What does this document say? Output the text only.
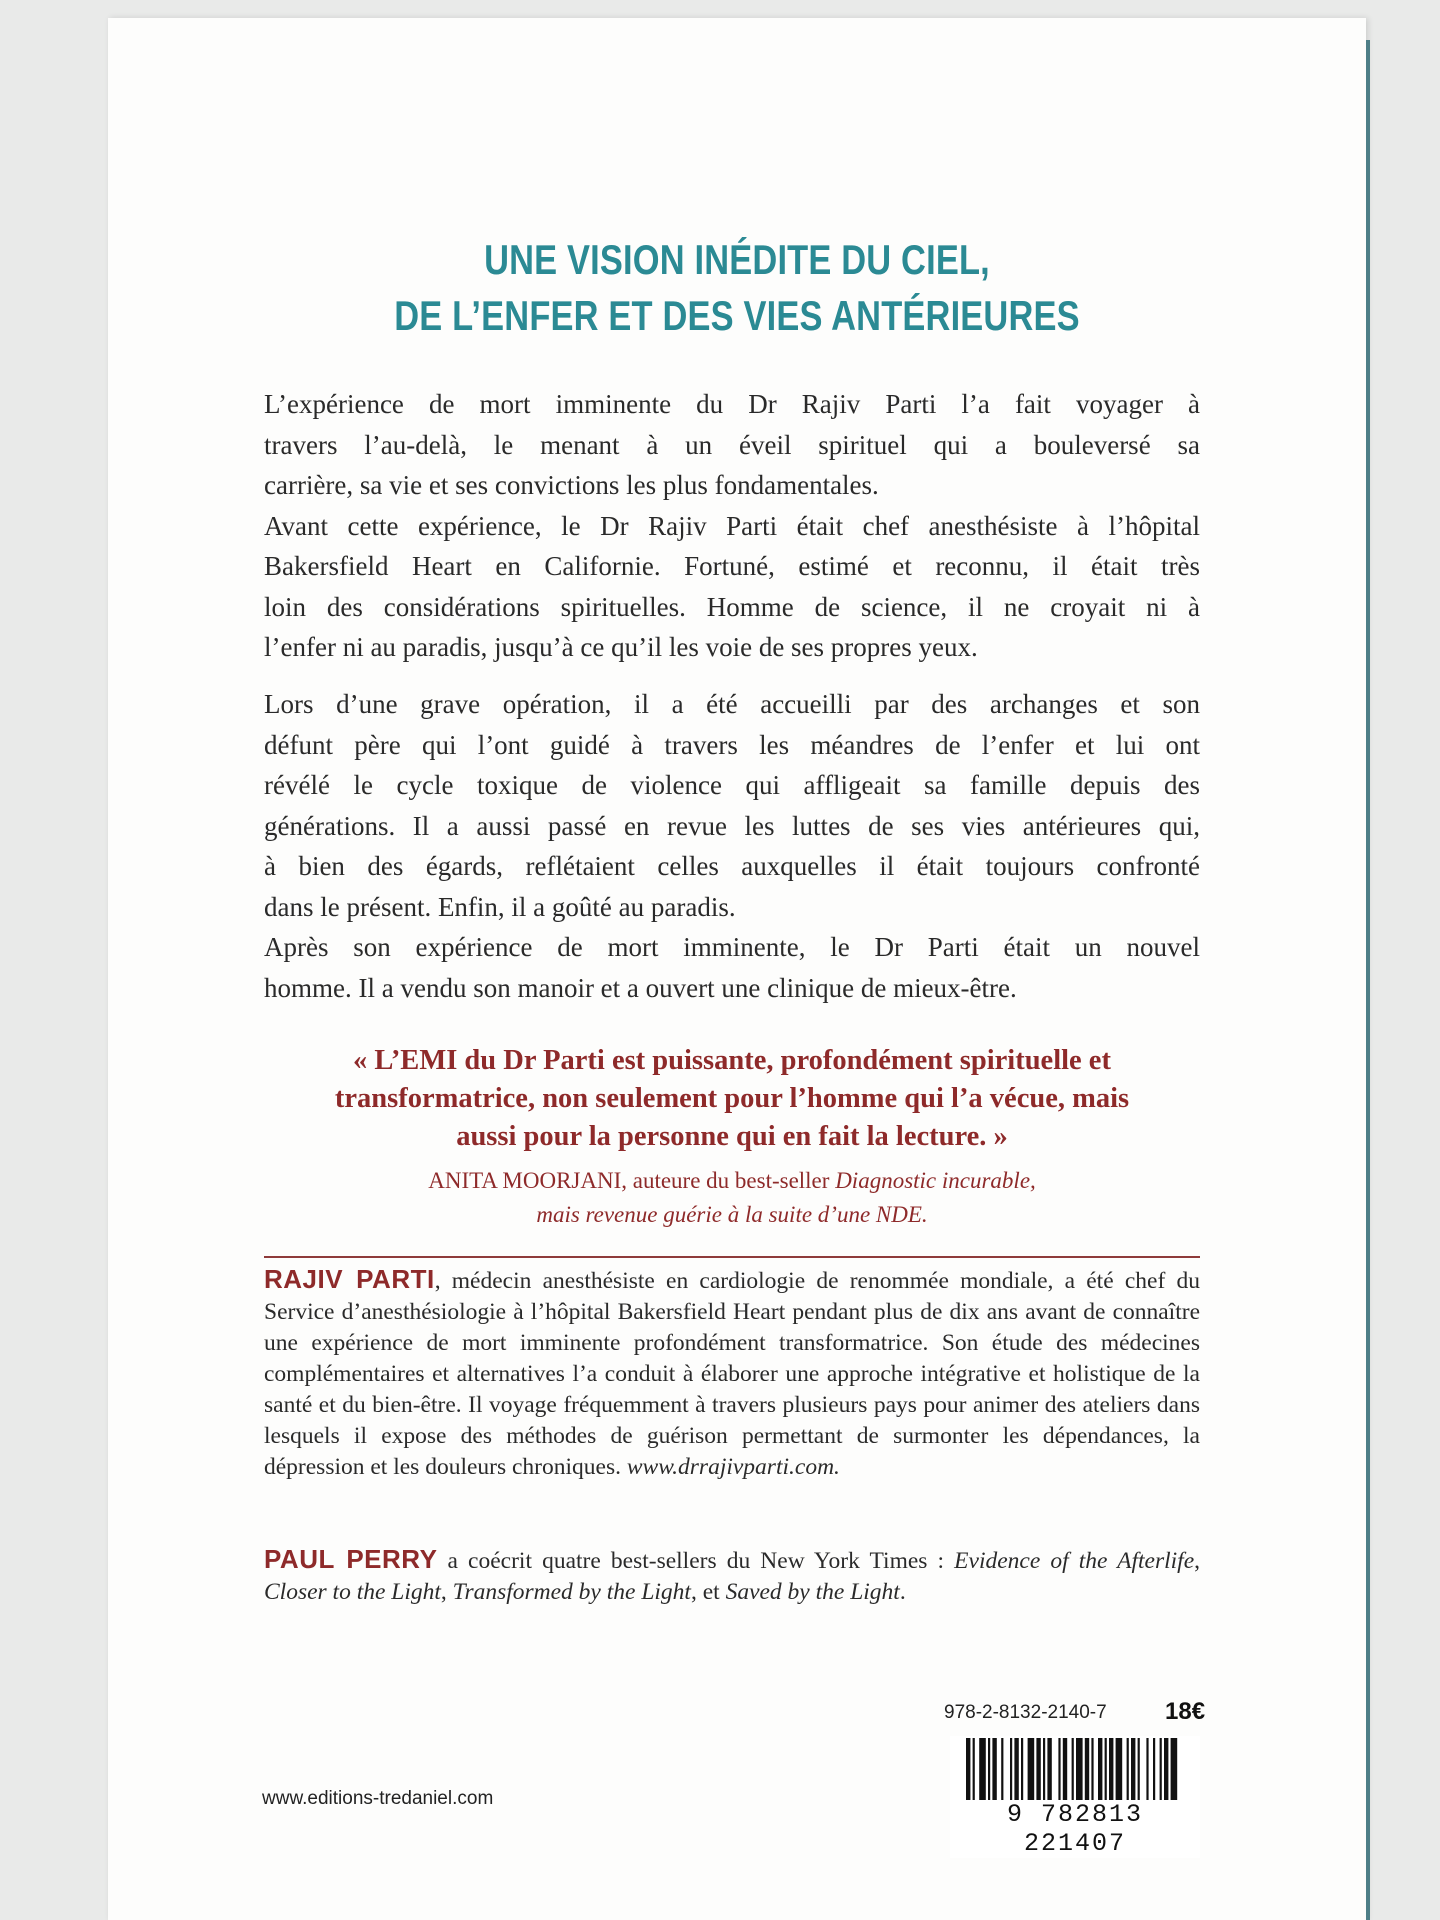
UNE VISION INÉDITE DU CIEL,
DE L’ENFER ET DES VIES ANTÉRIEURES

L’expérience de mort imminente du Dr Rajiv Parti l’a fait voyager à

travers l’au-delà, le menant à un éveil spirituel qui a bouleversé sa

carrière, sa vie et ses convictions les plus fondamentales.

Avant cette expérience, le Dr Rajiv Parti était chef anesthésiste à l’hôpital

Bakersfield Heart en Californie. Fortuné, estimé et reconnu, il était très

loin des considérations spirituelles. Homme de science, il ne croyait ni à

l’enfer ni au paradis, jusqu’à ce qu’il les voie de ses propres yeux.

Lors d’une grave opération, il a été accueilli par des archanges et son

défunt père qui l’ont guidé à travers les méandres de l’enfer et lui ont

révélé le cycle toxique de violence qui affligeait sa famille depuis des

générations. Il a aussi passé en revue les luttes de ses vies antérieures qui,

à bien des égards, reflétaient celles auxquelles il était toujours confronté

dans le présent. Enfin, il a goûté au paradis.

Après son expérience de mort imminente, le Dr Parti était un nouvel

homme. Il a vendu son manoir et a ouvert une clinique de mieux-être.

« L’EMI du Dr Parti est puissante, profondément spirituelle et
transformatrice, non seulement pour l’homme qui l’a vécue, mais
aussi pour la personne qui en fait la lecture. »
ANITA MOORJANI, auteure du best-seller Diagnostic incurable,
mais revenue guérie à la suite d’une NDE.
RAJIV PARTI, médecin anesthésiste en cardiologie de renommée mondiale, a été chef du Service d’anesthésiologie à l’hôpital Bakersfield Heart pendant plus de dix ans avant de connaître une expérience de mort imminente profondément transformatrice. Son étude des médecines complémentaires et alternatives l’a conduit à élaborer une approche intégrative et holistique de la santé et du bien-être. Il voyage fréquemment à travers plusieurs pays pour animer des ateliers dans lesquels il expose des méthodes de guérison permettant de surmonter les dépendances, la dépression et les douleurs chroniques. www.drrajivparti.com.
PAUL PERRY a coécrit quatre best-sellers du New York Times : Evidence of the Afterlife, Closer to the Light, Transformed by the Light, et Saved by the Light.
978-2-8132-2140-7 18€
9 782813 221407
www.editions-tredaniel.com
